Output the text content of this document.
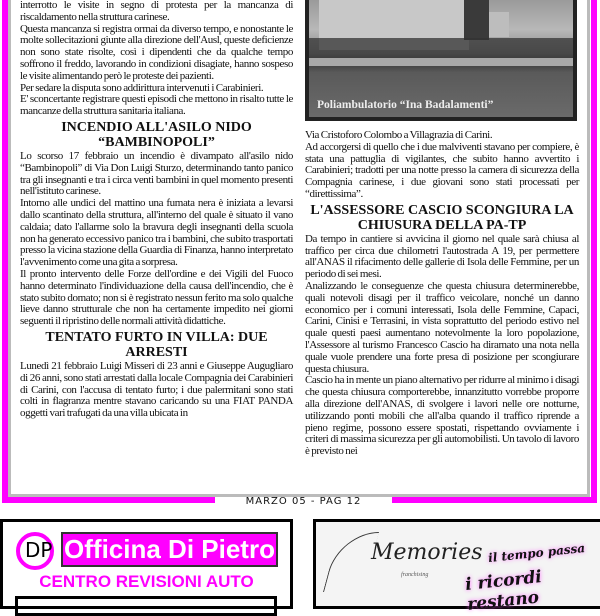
MARZO 05 - PAG 12

interrotto le visite in segno di protesta per la mancanza di riscaldamento nella struttura carinese.

Questa mancanza si registra ormai da diverso tempo, e nonostante le molte sollecitazioni giunte alla direzione dell'Ausl, queste deficienze non sono state risolte, così i dipendenti che da qualche tempo soffrono il freddo, lavorando in condizioni disagiate, hanno sospeso le visite alimentando però le proteste dei pazienti.

Per sedare la disputa sono addirittura intervenuti i Carabinieri.

E' sconcertante registrare questi episodi che mettono in risalto tutte le mancanze della struttura sanitaria italiana.

INCENDIO ALL'ASILO NIDO “BAMBINOPOLI”

Lo scorso 17 febbraio un incendio è divampato all'asilo nido “Bambinopoli” di Via Don Luigi Sturzo, determinando tanto panico tra gli insegnanti e tra i circa venti bambini in quel momento presenti nell'istituto carinese.

Intorno alle undici del mattino una fumata nera è iniziata a levarsi dallo scantinato della struttura, all'interno del quale è situato il vano caldaia; dato l'allarme solo la bravura degli insegnanti della scuola non ha generato eccessivo panico tra i bambini, che subito trasportati presso la vicina stazione della Guardia di Finanza, hanno interpretato l'avvenimento come una gita a sorpresa.

Il pronto intervento delle Forze dell'ordine e dei Vigili del Fuoco hanno determinato l'individuazione della causa dell'incendio, che è stato subito domato; non si è registrato nessun ferito ma solo qualche lieve danno strutturale che non ha certamente impedito nei giorni seguenti il ripristino delle normali attività didattiche.

TENTATO FURTO IN VILLA: DUE ARRESTI

Lunedì 21 febbraio Luigi Misseri di 23 anni e Giuseppe Augugliaro di 26 anni, sono stati arrestati dalla locale Compagnia dei Carabinieri di Carini, con l'accusa di tentato furto; i due palermitani sono stati colti in flagranza mentre stavano caricando su una FIAT PANDA oggetti vari trafugati da una villa ubicata in

Poliambulatorio “Ina Badalamenti”

Via Cristoforo Colombo a Villagrazia di Carini.

Ad accorgersi di quello che i due malviventi stavano per compiere, è stata una pattuglia di vigilantes, che subito hanno avvertito i Carabinieri; tradotti per una notte presso la camera di sicurezza della Compagnia carinese, i due giovani sono stati processati per “direttissima”.

L'ASSESSORE CASCIO SCONGIURA LA CHIUSURA DELLA PA-TP

Da tempo in cantiere si avvicina il giorno nel quale sarà chiusa al traffico per circa due chilometri l'autostrada A 19, per permettere all'ANAS il rifacimento delle gallerie di Isola delle Femmine, per un periodo di sei mesi.

Analizzando le conseguenze che questa chiusura determinerebbe, quali notevoli disagi per il traffico veicolare, nonché un danno economico per i comuni interessati, Isola delle Femmine, Capaci, Carini, Cinisi e Terrasini, in vista soprattutto del periodo estivo nel quale questi paesi aumentano notevolmente la loro popolazione, l'Assessore al turismo Francesco Cascio ha diramato una nota nella quale vuole prendere una forte presa di posizione per scongiurare questa chiusura.

Cascio ha in mente un piano alternativo per ridurre al minimo i disagi che questa chiusura comporterebbe, innanzitutto vorrebbe proporre alla direzione dell'ANAS, di svolgere i lavori nelle ore notturne, utilizzando ponti mobili che all'alba quando il traffico riprende a pieno regime, possono essere spostati, rispettando ovviamente i criteri di massima sicurezza per gli automobilisti. Un tavolo di lavoro è previsto nei

DP Officina Di Pietro
CENTRO REVISIONI AUTO
Memories
franchising
il tempo passa
i ricordi restano
